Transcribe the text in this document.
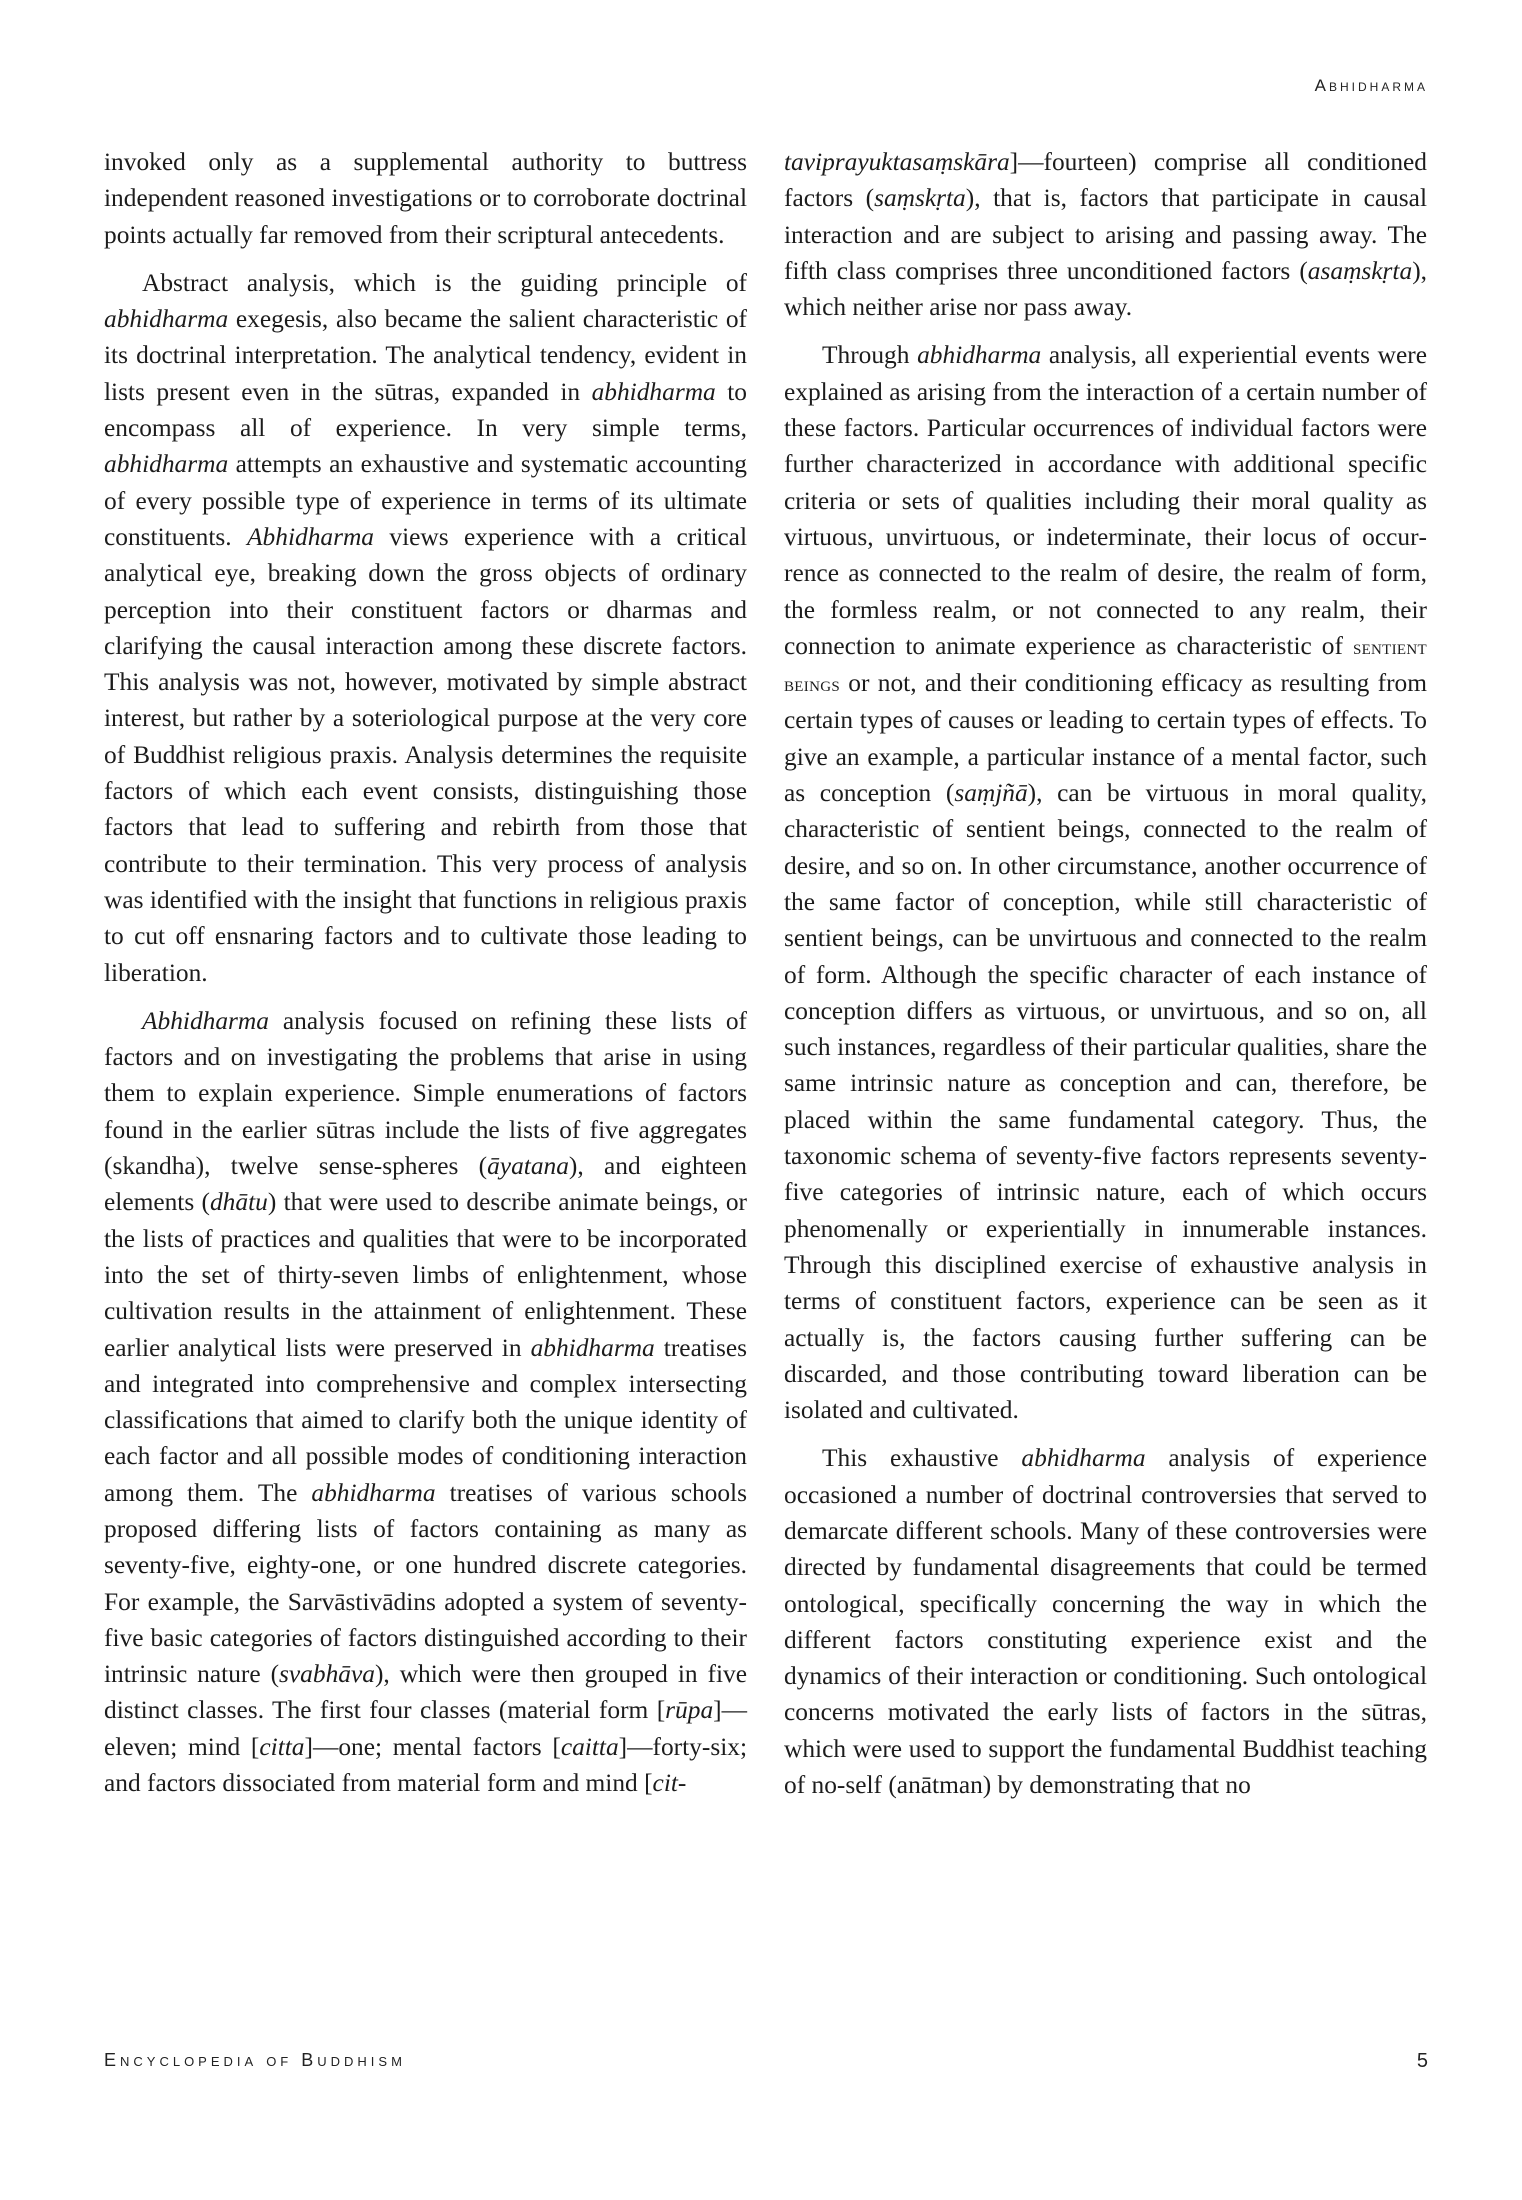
Abhidharma

invoked only as a supplemental authority to buttress independent reasoned investigations or to corroborate doctrinal points actually far removed from their scriptural antecedents.

Abstract analysis, which is the guiding principle of abhidharma exegesis, also became the salient characteristic of its doctrinal interpretation. The analytical tendency, evident in lists present even in the sūtras, expanded in abhidharma to encompass all of experience. In very simple terms, abhidharma attempts an exhaustive and systematic accounting of every possible type of experience in terms of its ultimate constituents. Abhidharma views experience with a critical analytical eye, breaking down the gross objects of ordinary perception into their constituent factors or dharmas and clarifying the causal interaction among these discrete factors. This analysis was not, however, motivated by simple abstract interest, but rather by a soteriological purpose at the very core of Buddhist religious praxis. Analysis determines the requisite factors of which each event consists, distinguishing those factors that lead to suffering and rebirth from those that contribute to their termination. This very process of analysis was identified with the insight that functions in religious praxis to cut off ensnaring factors and to cultivate those leading to liberation.

Abhidharma analysis focused on refining these lists of factors and on investigating the problems that arise in using them to explain experience. Simple enumerations of factors found in the earlier sūtras include the lists of five aggregates (skandha), twelve sense-spheres (āyatana), and eighteen elements (dhātu) that were used to describe animate beings, or the lists of practices and qualities that were to be incorporated into the set of thirty-seven limbs of enlightenment, whose cultivation results in the attainment of enlightenment. These earlier analytical lists were preserved in abhidharma treatises and integrated into comprehensive and complex intersecting classifications that aimed to clarify both the unique identity of each factor and all possible modes of conditioning interaction among them. The abhidharma treatises of various schools proposed differing lists of factors containing as many as seventy-five, eighty-one, or one hundred discrete categories. For example, the Sarvāstivādins adopted a system of seventy-five basic categories of factors distinguished according to their intrinsic nature (svabhāva), which were then grouped in five distinct classes. The first four classes (material form [rūpa]—eleven; mind [citta]—one; mental factors [caitta]—forty-six; and factors dissociated from material form and mind [cit-

taviprayuktasaṃskāra]—fourteen) comprise all conditioned factors (saṃskṛta), that is, factors that participate in causal interaction and are subject to arising and passing away. The fifth class comprises three unconditioned factors (asaṃskṛta), which neither arise nor pass away.

Through abhidharma analysis, all experiential events were explained as arising from the interaction of a certain number of these factors. Particular occurrences of individual factors were further characterized in accordance with additional specific criteria or sets of qualities including their moral quality as virtuous, unvirtuous, or indeterminate, their locus of occurrence as connected to the realm of desire, the realm of form, the formless realm, or not connected to any realm, their connection to animate experience as characteristic of sentient beings or not, and their conditioning efficacy as resulting from certain types of causes or leading to certain types of effects. To give an example, a particular instance of a mental factor, such as conception (saṃjñā), can be virtuous in moral quality, characteristic of sentient beings, connected to the realm of desire, and so on. In other circumstance, another occurrence of the same factor of conception, while still characteristic of sentient beings, can be unvirtuous and connected to the realm of form. Although the specific character of each instance of conception differs as virtuous, or unvirtuous, and so on, all such instances, regardless of their particular qualities, share the same intrinsic nature as conception and can, therefore, be placed within the same fundamental category. Thus, the taxonomic schema of seventy-five factors represents seventy-five categories of intrinsic nature, each of which occurs phenomenally or experientially in innumerable instances. Through this disciplined exercise of exhaustive analysis in terms of constituent factors, experience can be seen as it actually is, the factors causing further suffering can be discarded, and those contributing toward liberation can be isolated and cultivated.

This exhaustive abhidharma analysis of experience occasioned a number of doctrinal controversies that served to demarcate different schools. Many of these controversies were directed by fundamental disagreements that could be termed ontological, specifically concerning the way in which the different factors constituting experience exist and the dynamics of their interaction or conditioning. Such ontological concerns motivated the early lists of factors in the sūtras, which were used to support the fundamental Buddhist teaching of no-self (anātman) by demonstrating that no

Encyclopedia of Buddhism	5
